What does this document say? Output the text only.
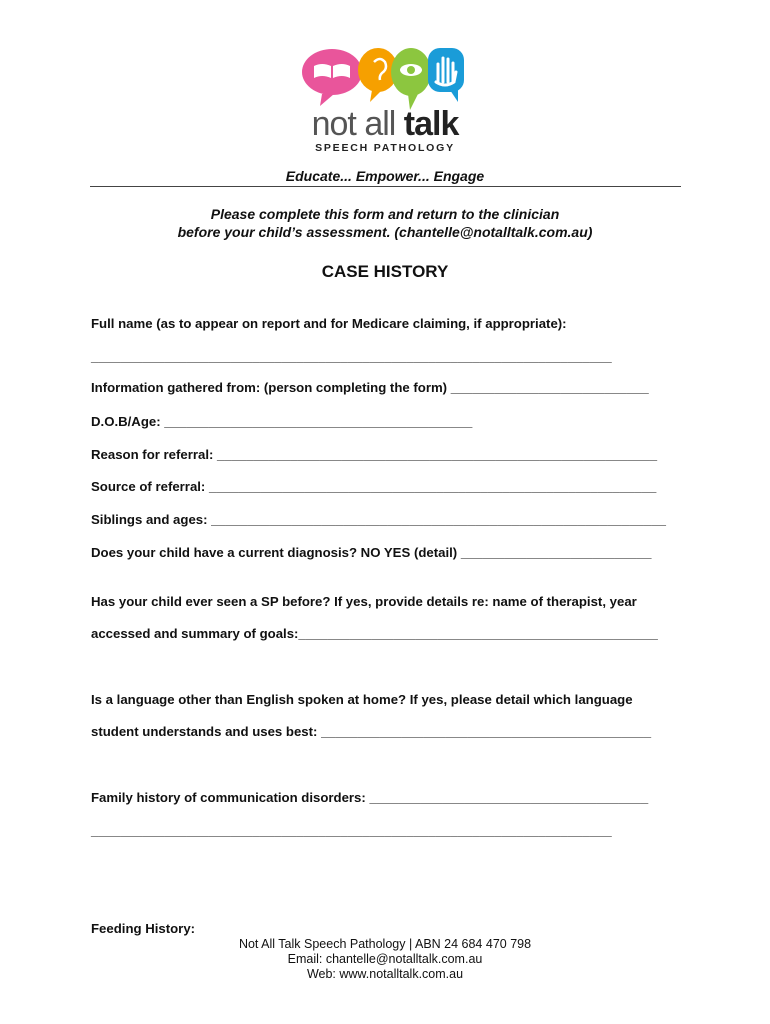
not all talk
SPEECH PATHOLOGY
Educate... Empower... Engage
Please complete this form and return to the clinician
before your child’s assessment. (chantelle@notalltalk.com.au)
CASE HISTORY
Full name (as to appear on report and for Medicare claiming, if appropriate):
_______________________________________________________________________
Information gathered from: (person completing the form) ___________________________
D.O.B/Age: __________________________________________
Reason for referral: ____________________________________________________________
Source of referral: _____________________________________________________________
Siblings and ages: ______________________________________________________________
Does your child have a current diagnosis? NO YES (detail) __________________________
Has your child ever seen a SP before? If yes, provide details re: name of therapist, year
accessed and summary of goals:_________________________________________________
Is a language other than English spoken at home? If yes, please detail which language
student understands and uses best: _____________________________________________
Family history of communication disorders: ______________________________________
_______________________________________________________________________
Feeding History:
Not All Talk Speech Pathology | ABN 24 684 470 798
Email: chantelle@notalltalk.com.au
Web: www.notalltalk.com.au
